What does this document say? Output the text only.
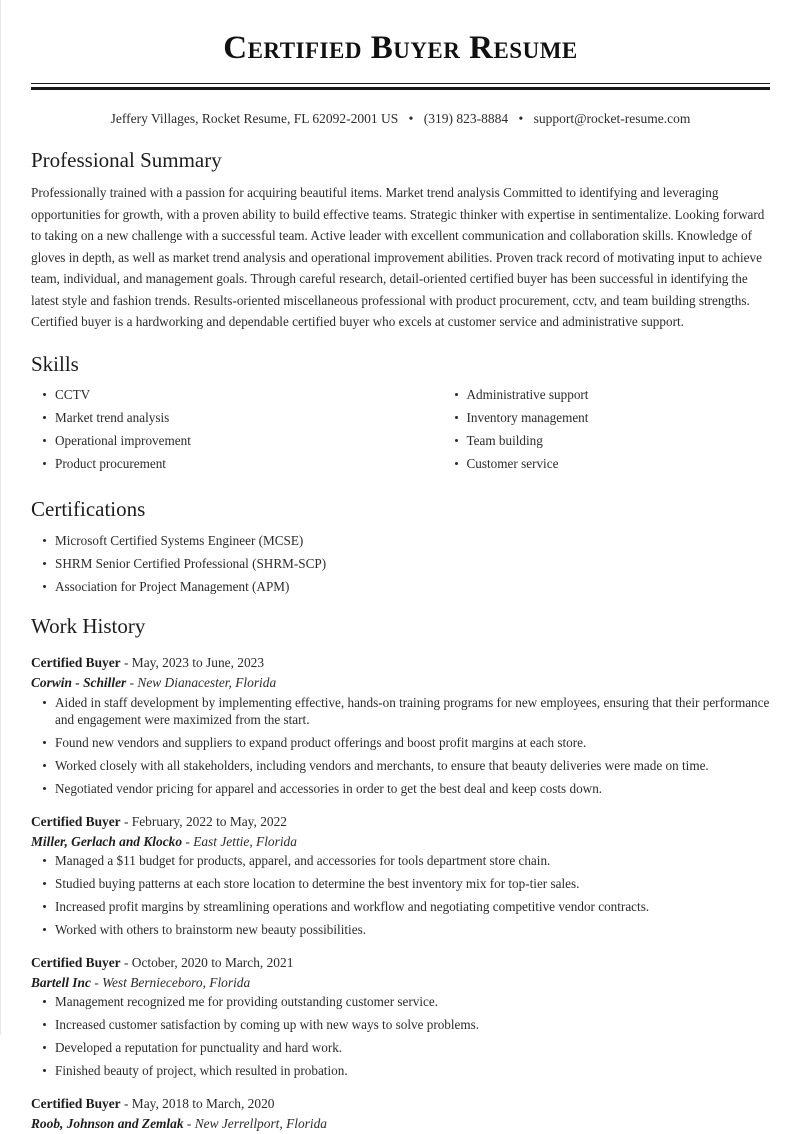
Certified Buyer Resume
Jeffery Villages, Rocket Resume, FL 62092-2001 US • (319) 823-8884 • support@rocket-resume.com
Professional Summary

Professionally trained with a passion for acquiring beautiful items. Market trend analysis Committed to identifying and leveraging opportunities for growth, with a proven ability to build effective teams. Strategic thinker with expertise in sentimentalize. Looking forward to taking on a new challenge with a successful team. Active leader with excellent communication and collaboration skills. Knowledge of gloves in depth, as well as market trend analysis and operational improvement abilities. Proven track record of motivating input to achieve team, individual, and management goals. Through careful research, detail-oriented certified buyer has been successful in identifying the latest style and fashion trends. Results-oriented miscellaneous professional with product procurement, cctv, and team building strengths. Certified buyer is a hardworking and dependable certified buyer who excels at customer service and administrative support.

Skills
CCTV
Market trend analysis
Operational improvement
Product procurement
Administrative support
Inventory management
Team building
Customer service
Certifications
Microsoft Certified Systems Engineer (MCSE)
SHRM Senior Certified Professional (SHRM-SCP)
Association for Project Management (APM)
Work History
Certified Buyer - May, 2023 to June, 2023
Corwin - Schiller - New Dianacester, Florida
Aided in staff development by implementing effective, hands-on training programs for new employees, ensuring that their performance and engagement were maximized from the start.
Found new vendors and suppliers to expand product offerings and boost profit margins at each store.
Worked closely with all stakeholders, including vendors and merchants, to ensure that beauty deliveries were made on time.
Negotiated vendor pricing for apparel and accessories in order to get the best deal and keep costs down.
Certified Buyer - February, 2022 to May, 2022
Miller, Gerlach and Klocko - East Jettie, Florida
Managed a $11 budget for products, apparel, and accessories for tools department store chain.
Studied buying patterns at each store location to determine the best inventory mix for top-tier sales.
Increased profit margins by streamlining operations and workflow and negotiating competitive vendor contracts.
Worked with others to brainstorm new beauty possibilities.
Certified Buyer - October, 2020 to March, 2021
Bartell Inc - West Bernieceboro, Florida
Management recognized me for providing outstanding customer service.
Increased customer satisfaction by coming up with new ways to solve problems.
Developed a reputation for punctuality and hard work.
Finished beauty of project, which resulted in probation.
Certified Buyer - May, 2018 to March, 2020
Roob, Johnson and Zemlak - New Jerrellport, Florida
